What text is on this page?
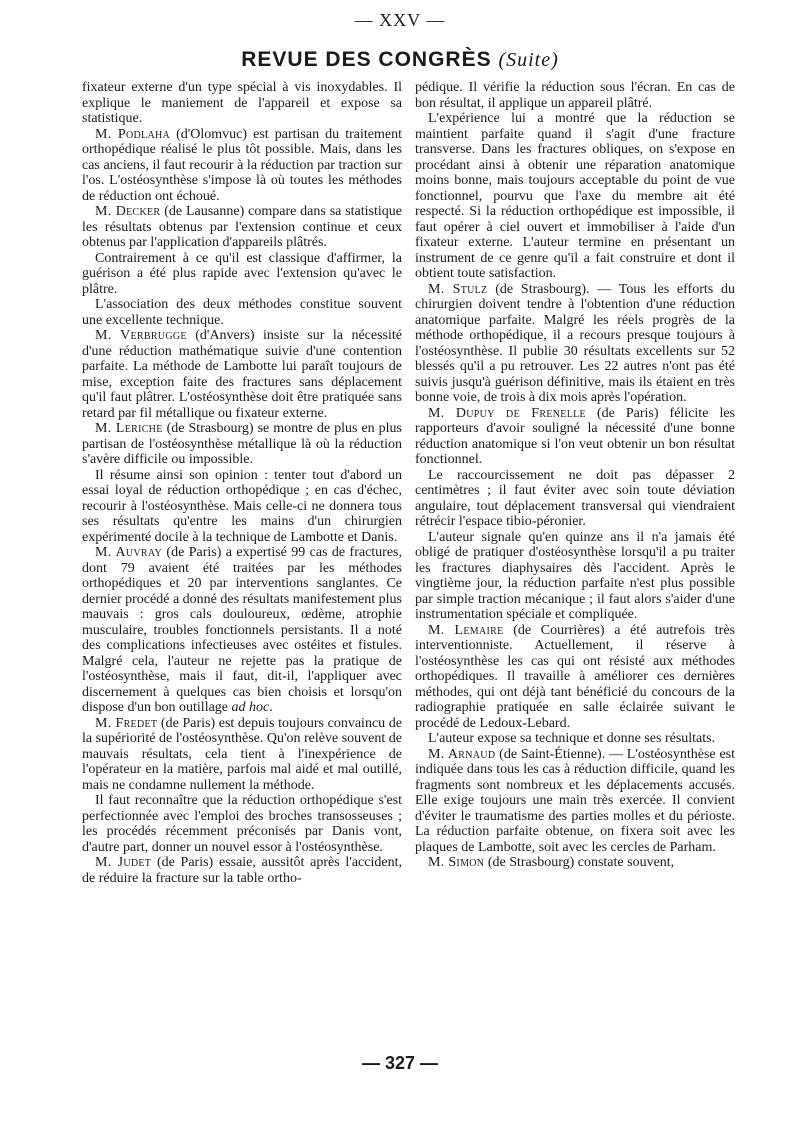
— XXV —
REVUE DES CONGRÈS (Suite)

fixateur externe d'un type spécial à vis inoxydables. Il explique le maniement de l'appareil et expose sa statistique.

M. Podlaha (d'Olomvuc) est partisan du traitement orthopédique réalisé le plus tôt possible. Mais, dans les cas anciens, il faut recourir à la réduction par traction sur l'os. L'ostéosynthèse s'impose là où toutes les méthodes de réduction ont échoué.

M. Decker (de Lausanne) compare dans sa statistique les résultats obtenus par l'extension continue et ceux obtenus par l'application d'appareils plâtrés.

Contrairement à ce qu'il est classique d'affirmer, la guérison a été plus rapide avec l'extension qu'avec le plâtre.

L'association des deux méthodes constitue souvent une excellente technique.

M. Verbrugge (d'Anvers) insiste sur la nécessité d'une réduction mathématique suivie d'une contention parfaite. La méthode de Lambotte lui paraît toujours de mise, exception faite des fractures sans déplacement qu'il faut plâtrer. L'ostéosynthèse doit être pratiquée sans retard par fil métallique ou fixateur externe.

M. Leriche (de Strasbourg) se montre de plus en plus partisan de l'ostéosynthèse métallique là où la réduction s'avère difficile ou impossible.

Il résume ainsi son opinion : tenter tout d'abord un essai loyal de réduction orthopédique ; en cas d'échec, recourir à l'ostéosynthèse. Mais celle-ci ne donnera tous ses résultats qu'entre les mains d'un chirurgien expérimenté docile à la technique de Lambotte et Danis.

M. Auvray (de Paris) a expertisé 99 cas de fractures, dont 79 avaient été traitées par les méthodes orthopédiques et 20 par interventions sanglantes. Ce dernier procédé a donné des résultats manifestement plus mauvais : gros cals douloureux, œdème, atrophie musculaire, troubles fonctionnels persistants. Il a noté des complications infectieuses avec ostéites et fistules. Malgré cela, l'auteur ne rejette pas la pratique de l'ostéosynthèse, mais il faut, dit-il, l'appliquer avec discernement à quelques cas bien choisis et lorsqu'on dispose d'un bon outillage ad hoc.

M. Fredet (de Paris) est depuis toujours convaincu de la supériorité de l'ostéosynthèse. Qu'on relève souvent de mauvais résultats, cela tient à l'inexpérience de l'opérateur en la matière, parfois mal aidé et mal outillé, mais ne condamne nullement la méthode.

Il faut reconnaître que la réduction orthopédique s'est perfectionnée avec l'emploi des broches transosseuses ; les procédés récemment préconisés par Danis vont, d'autre part, donner un nouvel essor à l'ostéosynthèse.

M. Judet (de Paris) essaie, aussitôt après l'accident, de réduire la fracture sur la table ortho-

pédique. Il vérifie la réduction sous l'écran. En cas de bon résultat, il applique un appareil plâtré.

L'expérience lui a montré que la réduction se maintient parfaite quand il s'agit d'une fracture transverse. Dans les fractures obliques, on s'expose en procédant ainsi à obtenir une réparation anatomique moins bonne, mais toujours acceptable du point de vue fonctionnel, pourvu que l'axe du membre ait été respecté. Si la réduction orthopédique est impossible, il faut opérer à ciel ouvert et immobiliser à l'aide d'un fixateur externe. L'auteur termine en présentant un instrument de ce genre qu'il a fait construire et dont il obtient toute satisfaction.

M. Stulz (de Strasbourg). — Tous les efforts du chirurgien doivent tendre à l'obtention d'une réduction anatomique parfaite. Malgré les réels progrès de la méthode orthopédique, il a recours presque toujours à l'ostéosynthèse. Il publie 30 résultats excellents sur 52 blessés qu'il a pu retrouver. Les 22 autres n'ont pas été suivis jusqu'à guérison définitive, mais ils étaient en très bonne voie, de trois à dix mois après l'opération.

M. Dupuy de Frenelle (de Paris) félicite les rapporteurs d'avoir souligné la nécessité d'une bonne réduction anatomique si l'on veut obtenir un bon résultat fonctionnel.

Le raccourcissement ne doit pas dépasser 2 centimètres ; il faut éviter avec soin toute déviation angulaire, tout déplacement transversal qui viendraient rétrécir l'espace tibio-péronier.

L'auteur signale qu'en quinze ans il n'a jamais été obligé de pratiquer d'ostéosynthèse lorsqu'il a pu traiter les fractures diaphysaires dès l'accident. Après le vingtième jour, la réduction parfaite n'est plus possible par simple traction mécanique ; il faut alors s'aider d'une instrumentation spéciale et compliquée.

M. Lemaire (de Courrières) a été autrefois très interventionniste. Actuellement, il réserve à l'ostéosynthèse les cas qui ont résisté aux méthodes orthopédiques. Il travaille à améliorer ces dernières méthodes, qui ont déjà tant bénéficié du concours de la radiographie pratiquée en salle éclairée suivant le procédé de Ledoux-Lebard.

L'auteur expose sa technique et donne ses résultats.

M. Arnaud (de Saint-Étienne). — L'ostéosynthèse est indiquée dans tous les cas à réduction difficile, quand les fragments sont nombreux et les déplacements accusés. Elle exige toujours une main très exercée. Il convient d'éviter le traumatisme des parties molles et du périoste. La réduction parfaite obtenue, on fixera soit avec les plaques de Lambotte, soit avec les cercles de Parham.

M. Simon (de Strasbourg) constate souvent,

— 327 —
